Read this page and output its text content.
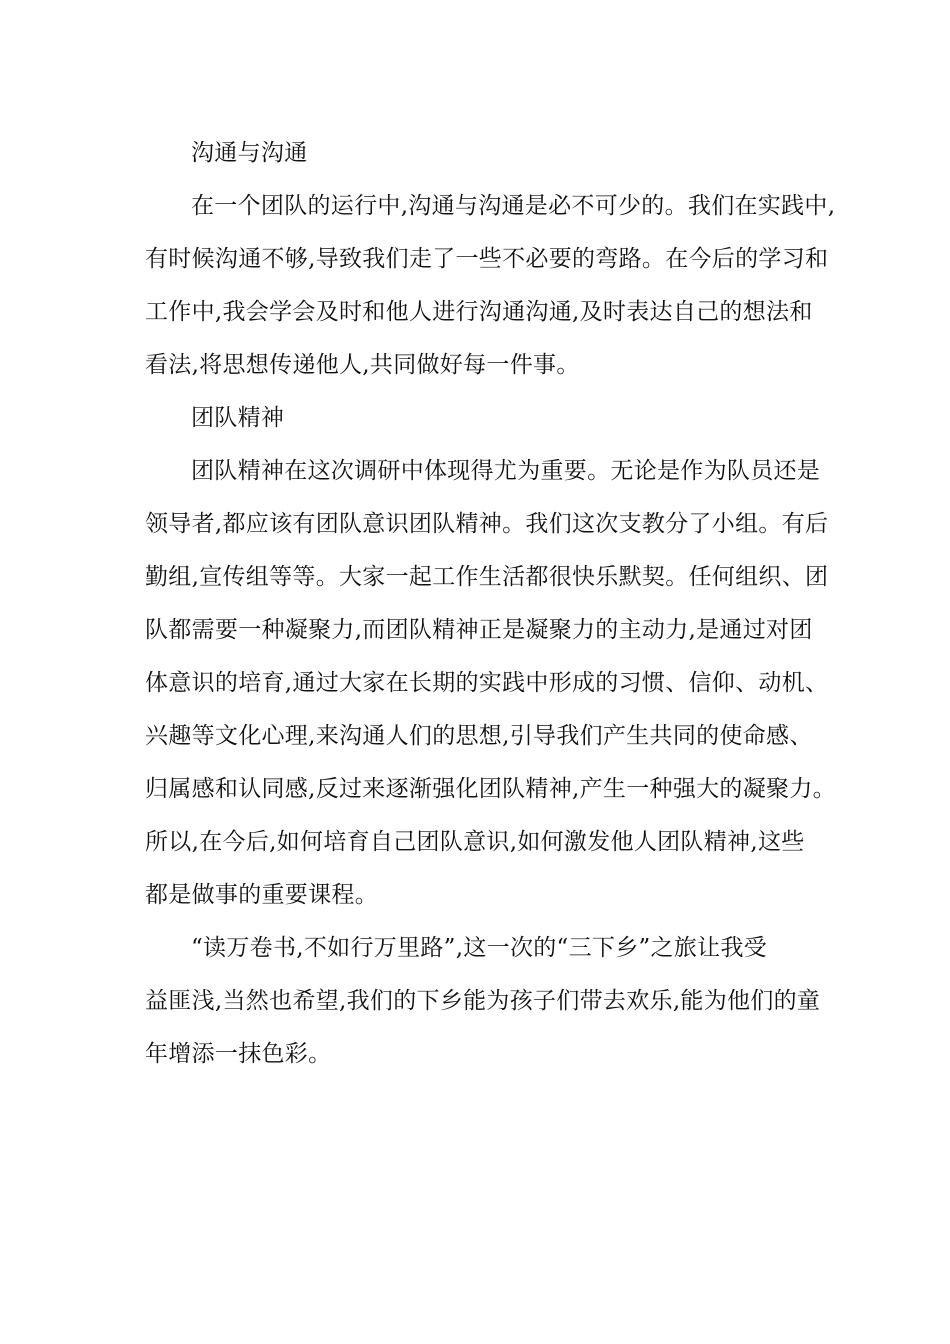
沟通与沟通
在一个团队的运行中,沟通与沟通是必不可少的。我们在实践中,
有时候沟通不够,导致我们走了一些不必要的弯路。在今后的学习和
工作中,我会学会及时和他人进行沟通沟通,及时表达自己的想法和
看法,将思想传递他人,共同做好每一件事。
团队精神
团队精神在这次调研中体现得尤为重要。无论是作为队员还是
领导者,都应该有团队意识团队精神。我们这次支教分了小组。有后
勤组,宣传组等等。大家一起工作生活都很快乐默契。任何组织、团
队都需要一种凝聚力,而团队精神正是凝聚力的主动力,是通过对团
体意识的培育,通过大家在长期的实践中形成的习惯、信仰、动机、
兴趣等文化心理,来沟通人们的思想,引导我们产生共同的使命感、
归属感和认同感,反过来逐渐强化团队精神,产生一种强大的凝聚力。
所以,在今后,如何培育自己团队意识,如何激发他人团队精神,这些
都是做事的重要课程。
“读万卷书,不如行万里路”,这一次的“三下乡”之旅让我受
益匪浅,当然也希望,我们的下乡能为孩子们带去欢乐,能为他们的童
年增添一抹色彩。
